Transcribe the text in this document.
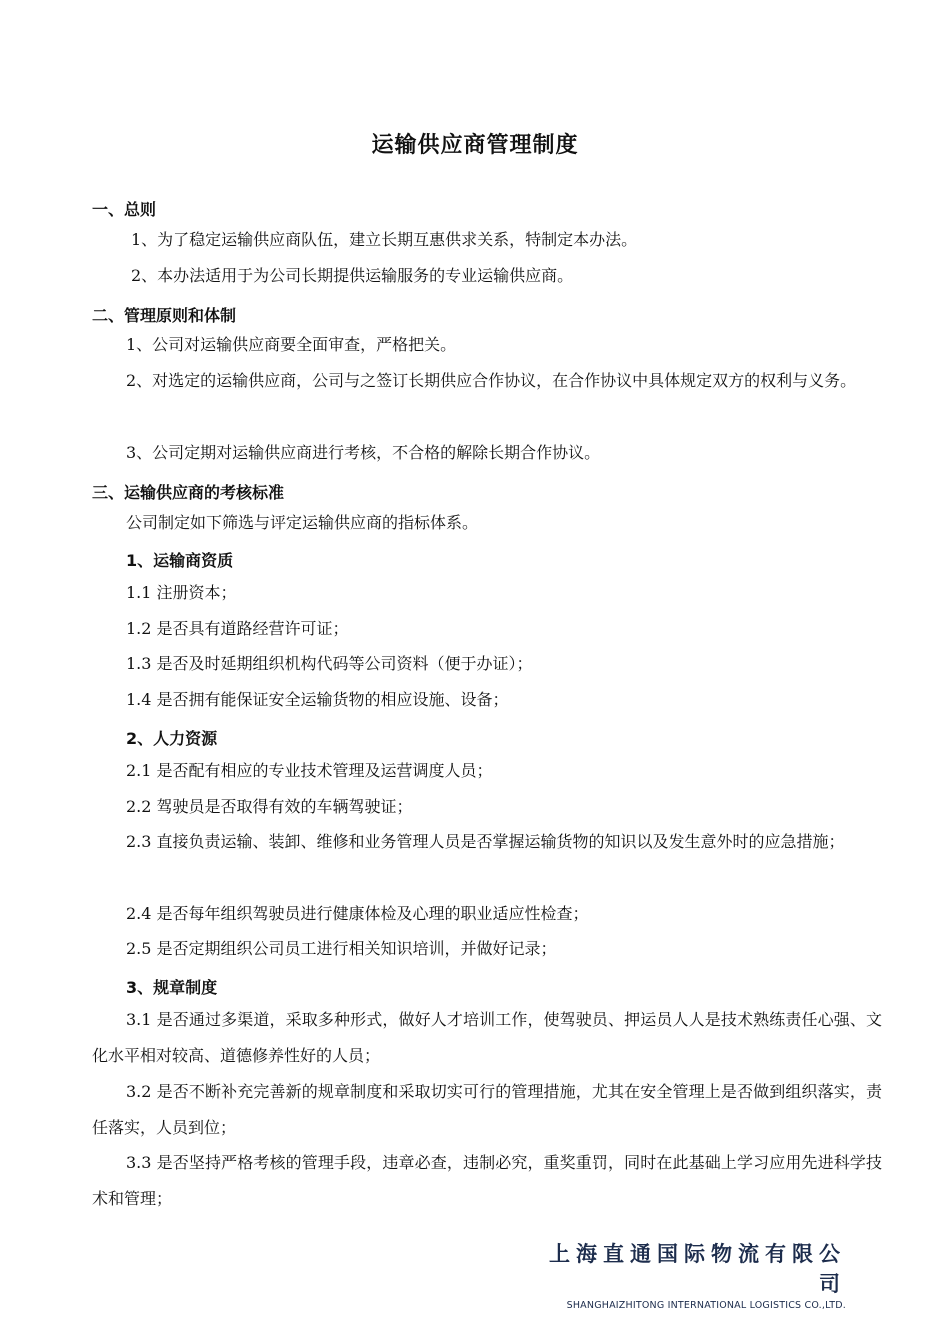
运输供应商管理制度
一、总则
1、为了稳定运输供应商队伍，建立长期互惠供求关系，特制定本办法。
2、本办法适用于为公司长期提供运输服务的专业运输供应商。
二、管理原则和体制
1、公司对运输供应商要全面审查，严格把关。
2、对选定的运输供应商，公司与之签订长期供应合作协议，在合作协议中具体规定双方的权利与义务。
3、公司定期对运输供应商进行考核，不合格的解除长期合作协议。
三、运输供应商的考核标准
公司制定如下筛选与评定运输供应商的指标体系。
1、运输商资质
1.1 注册资本；
1.2 是否具有道路经营许可证；
1.3 是否及时延期组织机构代码等公司资料（便于办证）；
1.4 是否拥有能保证安全运输货物的相应设施、设备；
2、人力资源
2.1 是否配有相应的专业技术管理及运营调度人员；
2.2 驾驶员是否取得有效的车辆驾驶证；
2.3 直接负责运输、装卸、维修和业务管理人员是否掌握运输货物的知识以及发生意外时的应急措施；
2.4 是否每年组织驾驶员进行健康体检及心理的职业适应性检查；
2.5 是否定期组织公司员工进行相关知识培训，并做好记录；
3、规章制度
3.1 是否通过多渠道，采取多种形式，做好人才培训工作，使驾驶员、押运员人人是技术熟练责任心强、文化水平相对较高、道德修养性好的人员；
3.2 是否不断补充完善新的规章制度和采取切实可行的管理措施，尤其在安全管理上是否做到组织落实，责任落实，人员到位；
3.3 是否坚持严格考核的管理手段，违章必查，违制必究，重奖重罚，同时在此基础上学习应用先进科学技术和管理；
上海直通国际物流有限公司
SHANGHAIZHITONG INTERNATIONAL LOGISTICS CO.,LTD.
